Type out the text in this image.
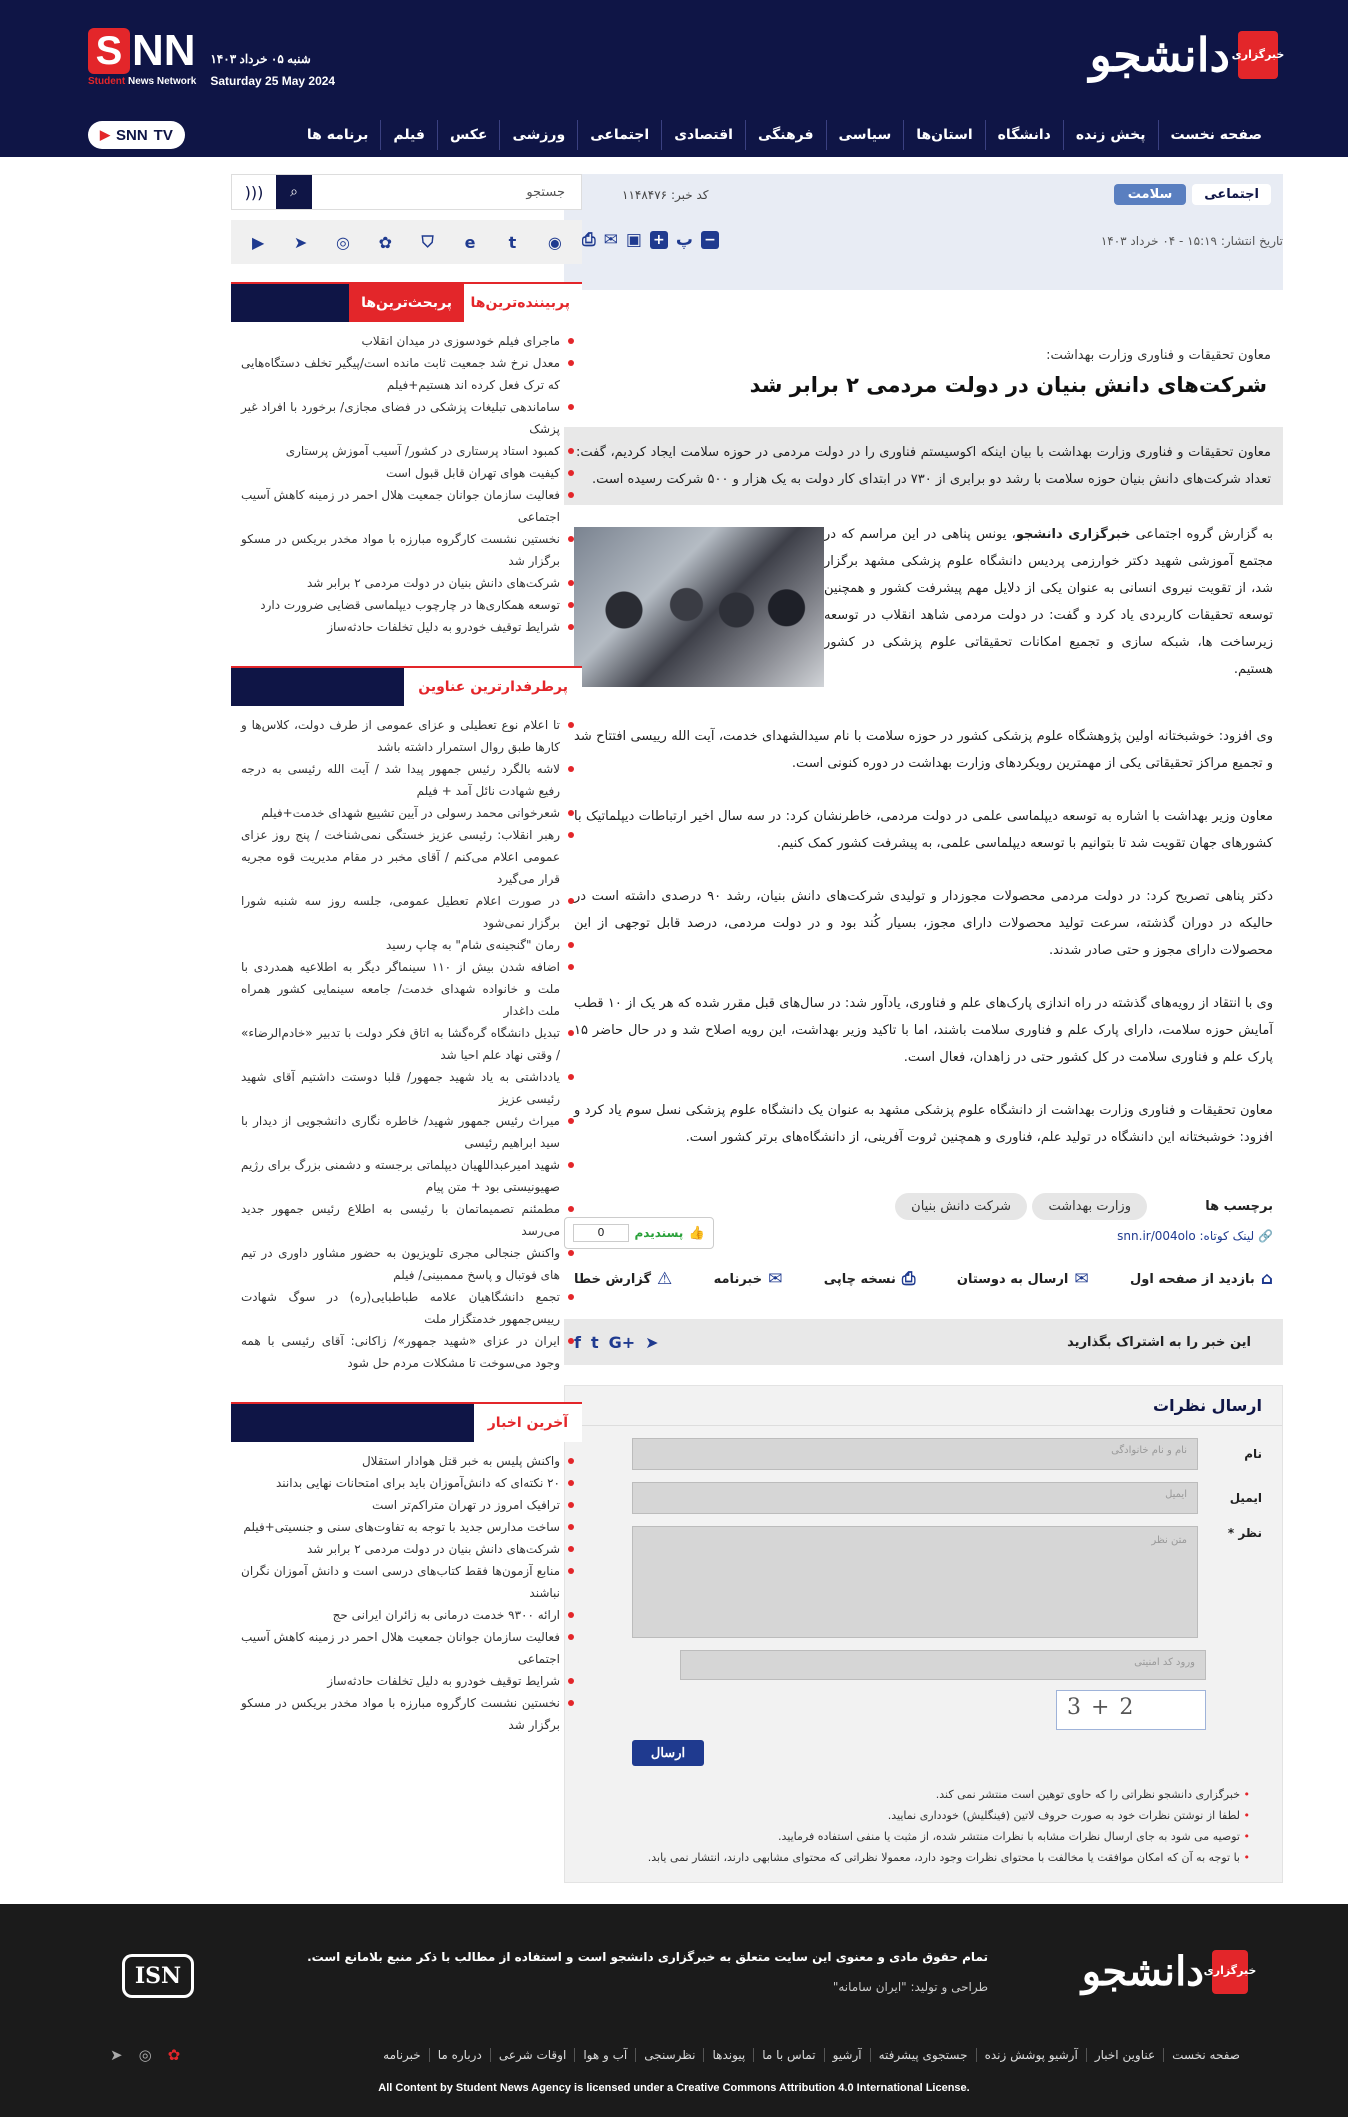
خبرگزاری
دانشجو
S NN
Student News Network
شنبه ۰۵ خرداد ۱۴۰۳
Saturday 25 May 2024
صفحه نخست
پخش زنده
دانشگاه
استان‌ها
سیاسی
فرهنگی
اقتصادی
اجتماعی
ورزشی
عکس
فیلم
برنامه ها
▶ SNN TV
اجتماعی
سلامت
کد خبر: ۱۱۴۸۴۷۶
تاریخ انتشار: ۱۵:۱۹ - ۰۴ خرداد ۱۴۰۳
⎙ ✉ ▣ + پ −
معاون تحقیقات و فناوری وزارت بهداشت:
شرکت‌های دانش بنیان در دولت مردمی ۲ برابر شد
معاون تحقیقات و فناوری وزارت بهداشت با بیان اینکه اکوسیستم فناوری را در دولت مردمی در حوزه سلامت ایجاد کردیم، گفت: تعداد شرکت‌های دانش بنیان حوزه سلامت با رشد دو برابری از ۷۳۰ در ابتدای کار دولت به یک هزار و ۵۰۰ شرکت رسیده است.
به گزارش گروه اجتماعی خبرگزاری دانشجو، یونس پناهی در این مراسم که در مجتمع آموزشی شهید دکتر خوارزمی پردیس دانشگاه علوم پزشکی مشهد برگزار شد، از تقویت نیروی انسانی به عنوان یکی از دلایل مهم پیشرفت کشور و همچنین توسعه تحقیقات کاربردی یاد کرد و گفت: در دولت مردمی شاهد انقلاب در توسعه زیرساخت ها، شبکه سازی و تجمیع امکانات تحقیقاتی علوم پزشکی در کشور هستیم.

وی افزود: خوشبختانه اولین پژوهشگاه علوم پزشکی کشور در حوزه سلامت با نام سیدالشهدای خدمت، آیت الله رییسی افتتاح شد و تجمیع مراکز تحقیقاتی یکی از مهمترین رویکردهای وزارت بهداشت در دوره کنونی است.

معاون وزیر بهداشت با اشاره به توسعه دیپلماسی علمی در دولت مردمی، خاطرنشان کرد: در سه سال اخیر ارتباطات دیپلماتیک با کشورهای جهان تقویت شد تا بتوانیم با توسعه دیپلماسی علمی، به پیشرفت کشور کمک کنیم.

دکتر پناهی تصریح کرد: در دولت مردمی محصولات مجوزدار و تولیدی شرکت‌های دانش بنیان، رشد ۹۰ درصدی داشته است در حالیکه در دوران گذشته، سرعت تولید محصولات دارای مجوز، بسیار کُند بود و در دولت مردمی، درصد قابل توجهی از این محصولات دارای مجوز و حتی صادر شدند.

وی با انتقاد از رویه‌های گذشته در راه اندازی پارک‌های علم و فناوری، یادآور شد: در سال‌های قبل مقرر شده که هر یک از ۱۰ قطب آمایش حوزه سلامت، دارای پارک علم و فناوری سلامت باشند، اما با تاکید وزیر بهداشت، این رویه اصلاح شد و در حال حاضر ۱۵ پارک علم و فناوری سلامت در کل کشور حتی در زاهدان، فعال است.

معاون تحقیقات و فناوری وزارت بهداشت از دانشگاه علوم پزشکی مشهد به عنوان یک دانشگاه علوم پزشکی نسل سوم یاد کرد و افزود: خوشبختانه این دانشگاه در تولید علم، فناوری و همچنین ثروت آفرینی، از دانشگاه‌های برتر کشور است.

برچسب ها
وزارت بهداشت
شرکت دانش بنیان
🔗 لینک کوتاه: snn.ir/004olo
0	پسندیدم 👍
⌂
بازدید از صفحه اول
✉
ارسال به دوستان
⎙
نسخه چاپی
✉
خبرنامه
⚠
گزارش خطا
این خبر را به اشتراک بگذارید
f t G+ ➤
ارسال نظرات
نام
نام و نام خانوادگی
ایمیل
ایمیل
نظر *
متن نظر
ورود کد امنیتی
3+2
ارسال
• خبرگزاری دانشجو نظراتی را که حاوی توهین است منتشر نمی کند.
• لطفا از نوشتن نظرات خود به صورت حروف لاتین (فینگلیش) خودداری نمایید.
• توصیه می شود به جای ارسال نظرات مشابه با نظرات منتشر شده، از مثبت یا منفی استفاده فرمایید.
• با توجه به آن که امکان موافقت یا مخالفت با محتوای نظرات وجود دارد، معمولا نظراتی که محتوای مشابهی دارند، انتشار نمی یابد.
جستجو
⌕
)))
▶	➤ ◎ ✿	⛉	e	t	◉
پربیننده‌ترین‌ها
پربحث‌ترین‌ها
ماجرای فیلم خودسوزی در میدان انقلاب
معدل نرخ شد جمعیت ثابت مانده است/پیگیر تخلف دستگاه‌هایی که ترک فعل کرده اند هستیم+فیلم
ساماندهی تبلیغات پزشکی در فضای مجازی/ برخورد با افراد غیر پزشک
کمبود استاد پرستاری در کشور/ آسیب آموزش پرستاری
کیفیت هوای تهران قابل قبول است
فعالیت سازمان جوانان جمعیت هلال احمر در زمینه کاهش آسیب اجتماعی
نخستین نشست کارگروه مبارزه با مواد مخدر بریکس در مسکو برگزار شد
شرکت‌های دانش بنیان در دولت مردمی ۲ برابر شد
توسعه همکاری‌ها در چارچوب دیپلماسی قضایی ضرورت دارد
شرایط توقیف خودرو به دلیل تخلفات حادثه‌ساز
پرطرفدارترین عناوین
تا اعلام نوع تعطیلی و عزای عمومی از طرف دولت، کلاس‌ها و کارها طبق روال استمرار داشته باشد
لاشه بالگرد رئیس جمهور پیدا شد / آیت الله رئیسی به درجه رفیع شهادت نائل آمد + فیلم
شعرخوانی محمد رسولی در آیین تشییع شهدای خدمت+فیلم
رهبر انقلاب: رئیسی عزیز خستگی نمی‌شناخت / پنج روز عزای عمومی اعلام می‌کنم / آقای مخبر در مقام مدیریت قوه مجریه قرار می‌گیرد
در صورت اعلام تعطیل عمومی، جلسه روز سه شنبه شورا برگزار نمی‌شود
رمان "گنجینه‌ی شام" به چاپ رسید
اضافه شدن بیش از ۱۱۰ سینماگر دیگر به اطلاعیه همدردی با ملت و خانواده شهدای خدمت/ جامعه سینمایی کشور همراه ملت داغدار
تبدیل دانشگاه گره‌گشا به اتاق فکر دولت با تدبیر «خادم‌الرضاء» / وقتی نهاد علم احیا شد
یادداشتی به یاد شهید جمهور/ قلبا دوستت داشتیم آقای شهید رئیسی عزیز
میراث رئیس جمهور شهید/ خاطره نگاری دانشجویی از دیدار با سید ابراهیم رئیسی
شهید امیرعبداللهیان دیپلماتی برجسته و دشمنی بزرگ برای رژیم صهیونیستی بود + متن پیام
مطمئنم تصمیماتمان با رئیسی به اطلاع رئیس جمهور جدید می‌رسد
واکنش جنجالی مجری تلویزیون به حضور مشاور داوری در تیم های فوتبال و پاسخ مممبینی/ فیلم
تجمع دانشگاهیان علامه طباطبایی(ره) در سوگ شهادت رییس‌جمهور خدمتگزار ملت
ایران در عزای «شهید جمهور»/ زاکانی: آقای رئیسی با همه وجود می‌سوخت تا مشکلات مردم حل شود
آخرین اخبار
واکنش پلیس به خبر قتل هوادار استقلال
۲۰ نکته‌ای که دانش‌آموزان باید برای امتحانات نهایی بدانند
ترافیک امروز در تهران متراکم‌تر است
ساخت مدارس جدید با توجه به تفاوت‌های سنی و جنسیتی+فیلم
شرکت‌های دانش بنیان در دولت مردمی ۲ برابر شد
منابع آزمون‌ها فقط کتاب‌های درسی است و دانش آموزان نگران نباشند
ارائه ۹۳۰۰ خدمت درمانی به زائران ایرانی حج
فعالیت سازمان جوانان جمعیت هلال احمر در زمینه کاهش آسیب اجتماعی
شرایط توقیف خودرو به دلیل تخلفات حادثه‌ساز
نخستین نشست کارگروه مبارزه با مواد مخدر بریکس در مسکو برگزار شد
خبرگزاری
دانشجو
تمام حقوق مادی و معنوی این سایت متعلق به خبرگزاری دانشجو است و استفاده از مطالب با ذکر منبع بلامانع است.
طراحی و تولید: "ایران سامانه"
ISN
صفحه نخست
عناوین اخبار
آرشیو پوشش زنده
جستجوی پیشرفته
آرشیو
تماس با ما
پیوندها
نظرسنجی
آب و هوا
اوقات شرعی
درباره ما
خبرنامه
➤ ◎ ✿
All Content by Student News Agency is licensed under a Creative Commons Attribution 4.0 International License.
